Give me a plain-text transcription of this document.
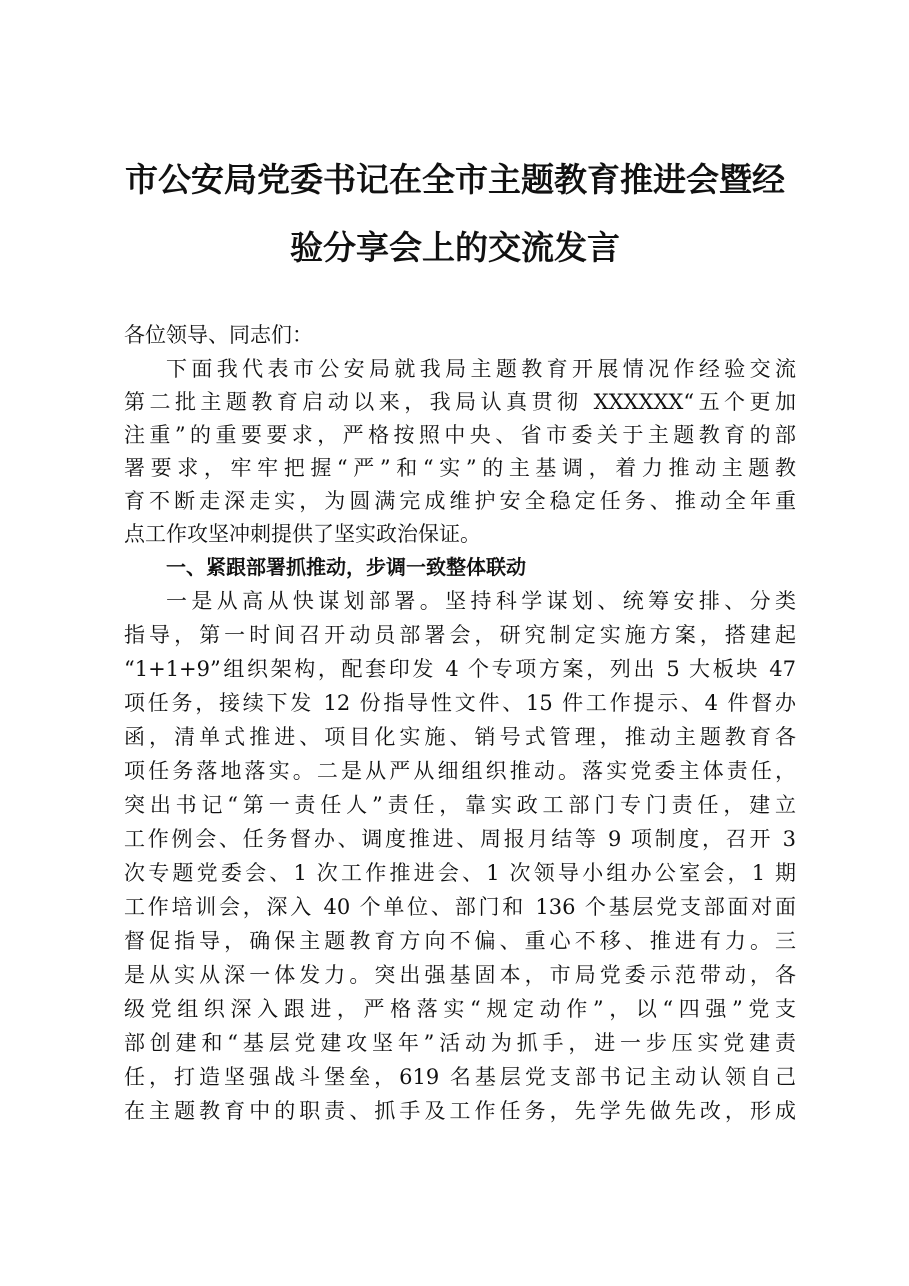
市公安局党委书记在全市主题教育推进会暨经
验分享会上的交流发言
各位领导、同志们：
下面我代表市公安局就我局主题教育开展情况作经验交流
第二批主题教育启动以来，我局认真贯彻 XXXXXX“五个更加
注重”的重要要求，严格按照中央、省市委关于主题教育的部
署要求，牢牢把握“严”和“实”的主基调，着力推动主题教
育不断走深走实，为圆满完成维护安全稳定任务、推动全年重
点工作攻坚冲刺提供了坚实政治保证。
一、紧跟部署抓推动，步调一致整体联动
一是从高从快谋划部署。坚持科学谋划、统筹安排、分类
指导，第一时间召开动员部署会，研究制定实施方案，搭建起
“1+1+9”组织架构，配套印发 4 个专项方案，列出 5 大板块 47
项任务，接续下发 12 份指导性文件、15 件工作提示、4 件督办
函，清单式推进、项目化实施、销号式管理，推动主题教育各
项任务落地落实。二是从严从细组织推动。落实党委主体责任，
突出书记“第一责任人”责任，靠实政工部门专门责任，建立
工作例会、任务督办、调度推进、周报月结等 9 项制度，召开 3
次专题党委会、1 次工作推进会、1 次领导小组办公室会，1 期
工作培训会，深入 40 个单位、部门和 136 个基层党支部面对面
督促指导，确保主题教育方向不偏、重心不移、推进有力。三
是从实从深一体发力。突出强基固本，市局党委示范带动，各
级党组织深入跟进，严格落实“规定动作”，以“四强”党支
部创建和“基层党建攻坚年”活动为抓手，进一步压实党建责
任，打造坚强战斗堡垒，619 名基层党支部书记主动认领自己
在主题教育中的职责、抓手及工作任务，先学先做先改，形成
